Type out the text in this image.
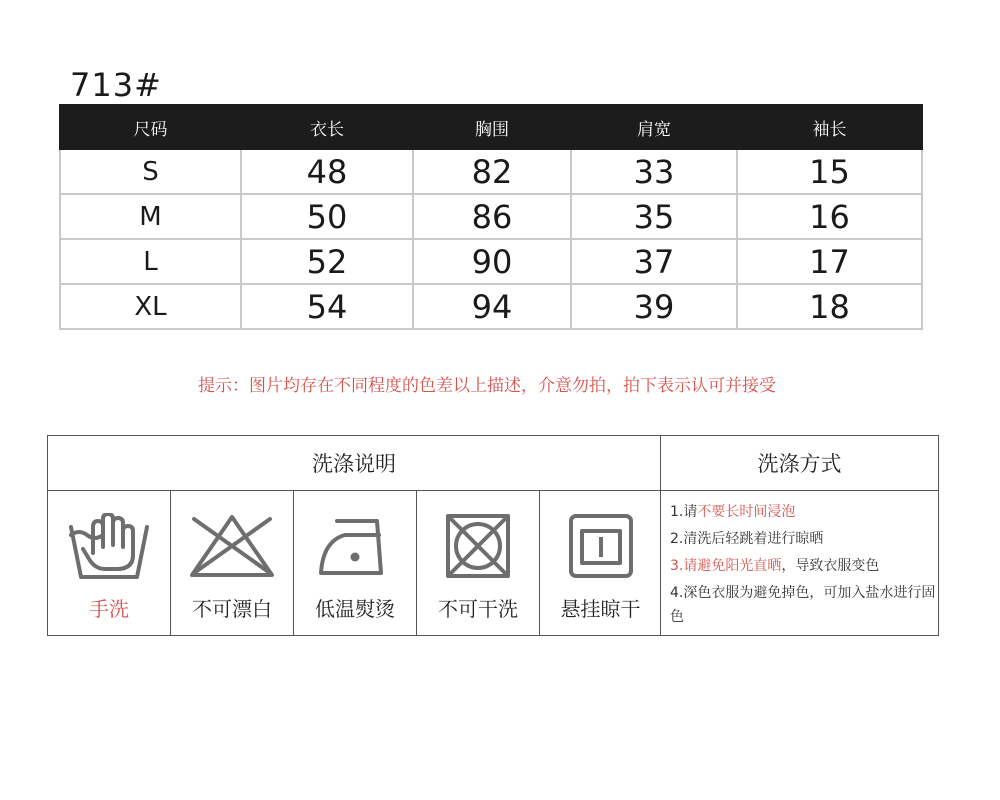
713#
尺码	衣长	胸围	肩宽	袖长
S	48	82	33	15
M	50	86	35	16
L	52	90	37	17
XL	54	94	39	18
提示：图片均存在不同程度的色差以上描述，介意勿拍，拍下表示认可并接受
洗涤说明	洗涤方式
手洗	不可漂白	低温熨烫	不可干洗	悬挂晾干
1.请不要长时间浸泡
2.清洗后轻跳着进行晾晒
3.请避免阳光直晒，导致衣服变色
4.深色衣服为避免掉色，可加入盐水进行固色
